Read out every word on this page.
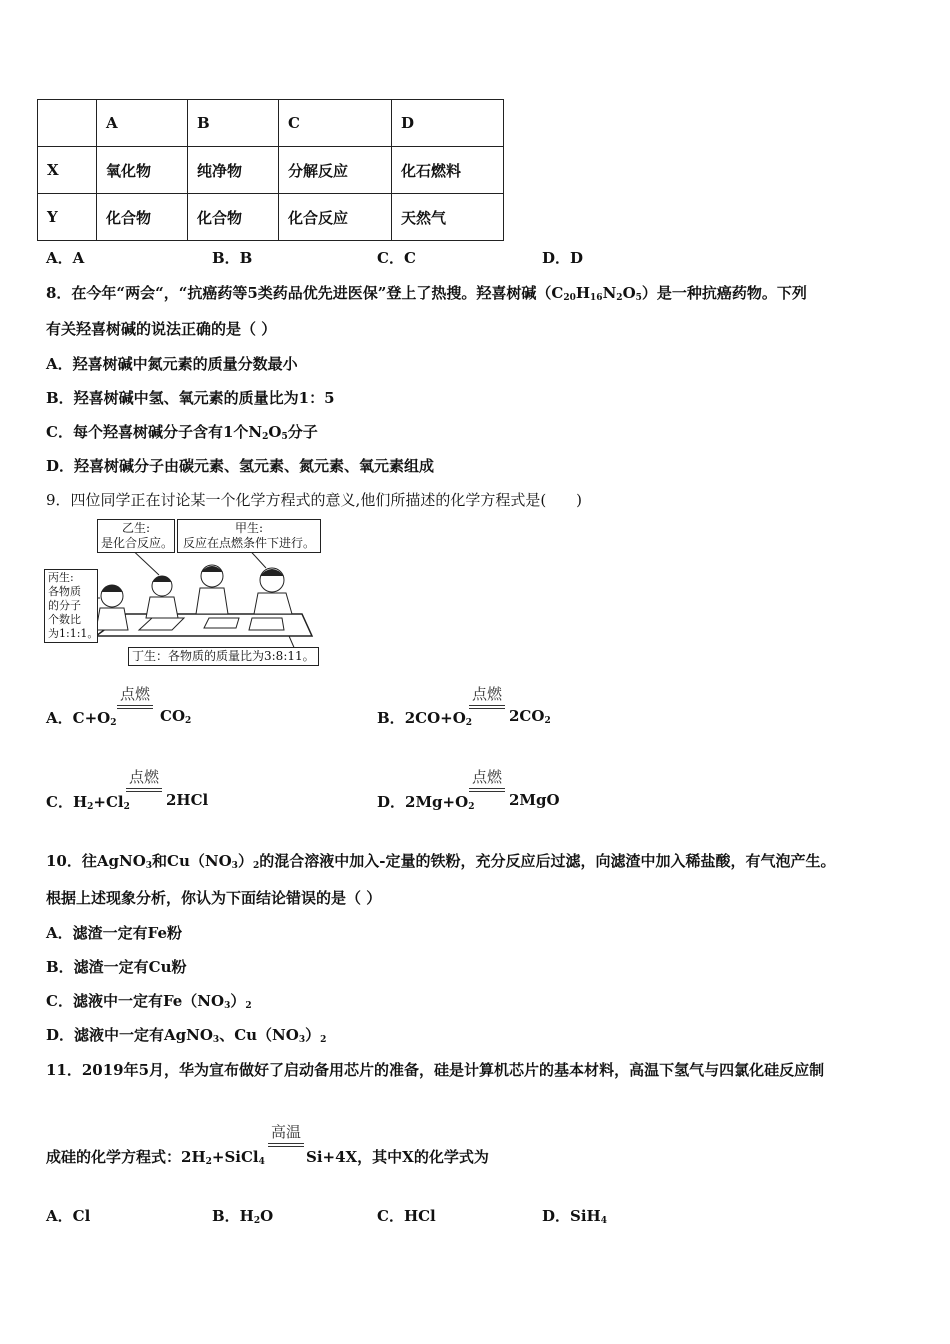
	A	B	C	D
X	氧化物	纯净物	分解反应	化石燃料
Y	化合物	化合物	化合反应	天然气
A．A	B．B	C．C	D．D
8．在今年“两会“，“抗癌药等5类药品优先进医保”登上了热搜。羟喜树碱$(C_{20}H_{16}N_2O_5)$是一种抗癌药物。下列
有关羟喜树碱的说法正确的是（ ）
A．羟喜树碱中氮元素的质量分数最小
B．羟喜树碱中氢、氧元素的质量比为1：5
C．每个羟喜树碱分子含有1个$N_2O_5$分子
D．羟喜树碱分子由碳元素、氢元素、氮元素、氧元素组成
9．四位同学正在讨论某一个化学方程式的意义,他们所描述的化学方程式是(　　)
乙生:
是化合反应。
甲生:
反应在点燃条件下进行。
丙生:
各物质
的分子
个数比
为1:1:1。
丁生：各物质的质量比为3:8:11。
A．$C+O_2$
点燃
$CO_2$	B．$2CO+O_2$
点燃
$2CO_2$
C．$H_2+Cl_2$
点燃
2HCl	D．$2Mg+O_2$
点燃
2MgO
10．往AgNO$_3$和$Cu(NO_3)_2$的混合溶液中加入-定量的铁粉，充分反应后过滤，向滤渣中加入稀盐酸，有气泡产生。
根据上述现象分析，你认为下面结论错误的是（ ）
A．滤渣一定有Fe粉
B．滤渣一定有Cu粉
C．滤液中一定有$Fe(NO_3)_2$
D．滤液中一定有AgNO$_3$、$Cu(NO_3)_2$
11．2019年5月，华为宣布做好了启动备用芯片的准备，硅是计算机芯片的基本材料，高温下氢气与四氯化硅反应制
成硅的化学方程式：$2H_2+SiCl_4$
高温
Si+4X，其中X的化学式为
A．Cl	B．$H_2O$	C．HCl	D．SiH$_4$
